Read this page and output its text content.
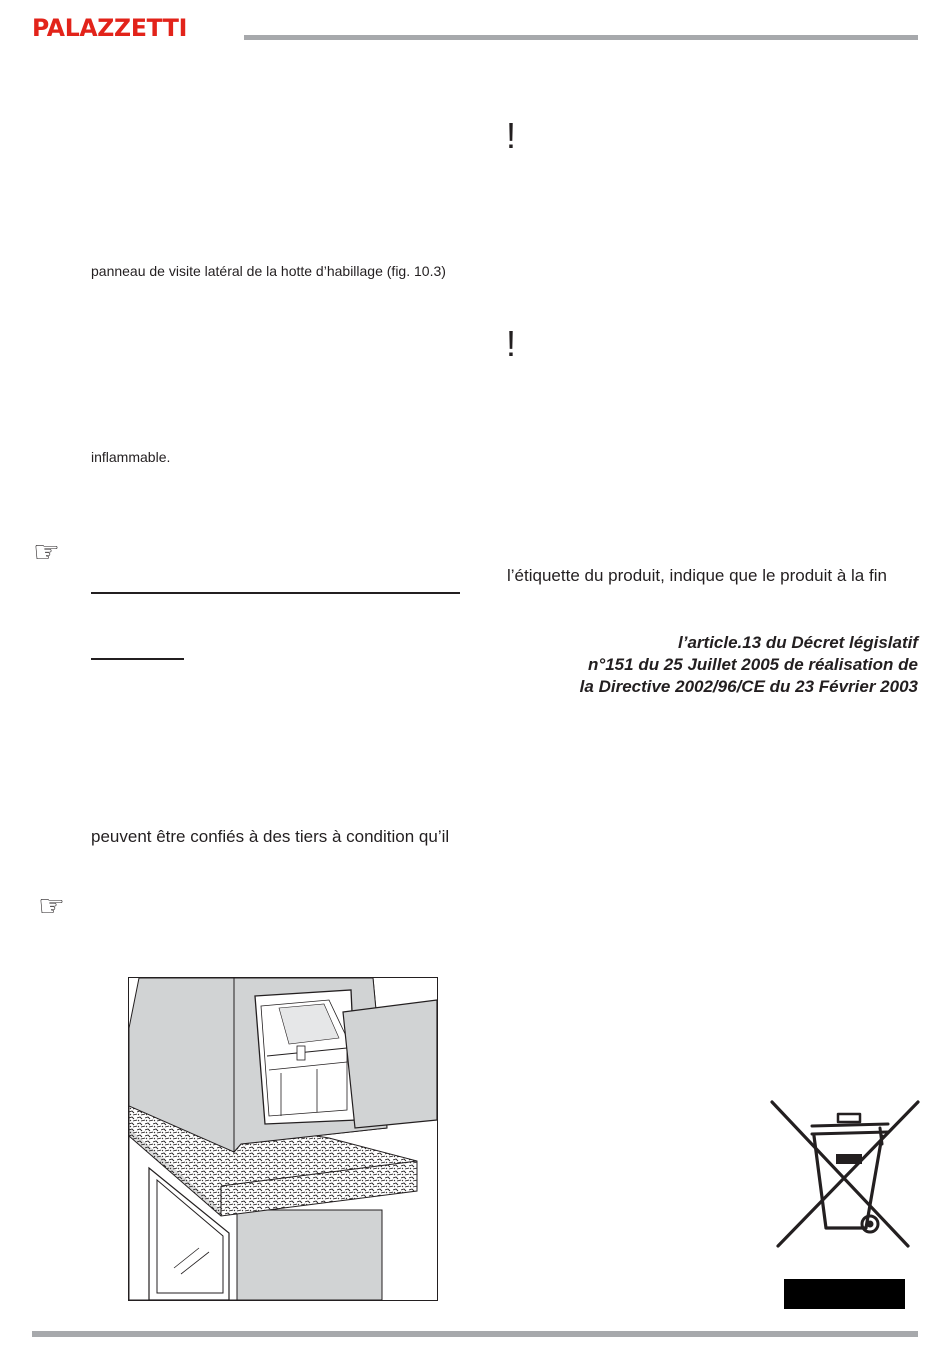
PALAZZETTI
panneau de visite latéral de la hotte d’habillage (fig. 10.3)
inflammable.
☞
peuvent être confiés à des tiers à condition qu’il
☞
!
!
l’étiquette du produit, indique que le produit à la fin
l’article.13 du Décret législatif
n°151 du 25 Juillet 2005 de réalisation de
la Directive 2002/96/CE du 23 Février 2003
